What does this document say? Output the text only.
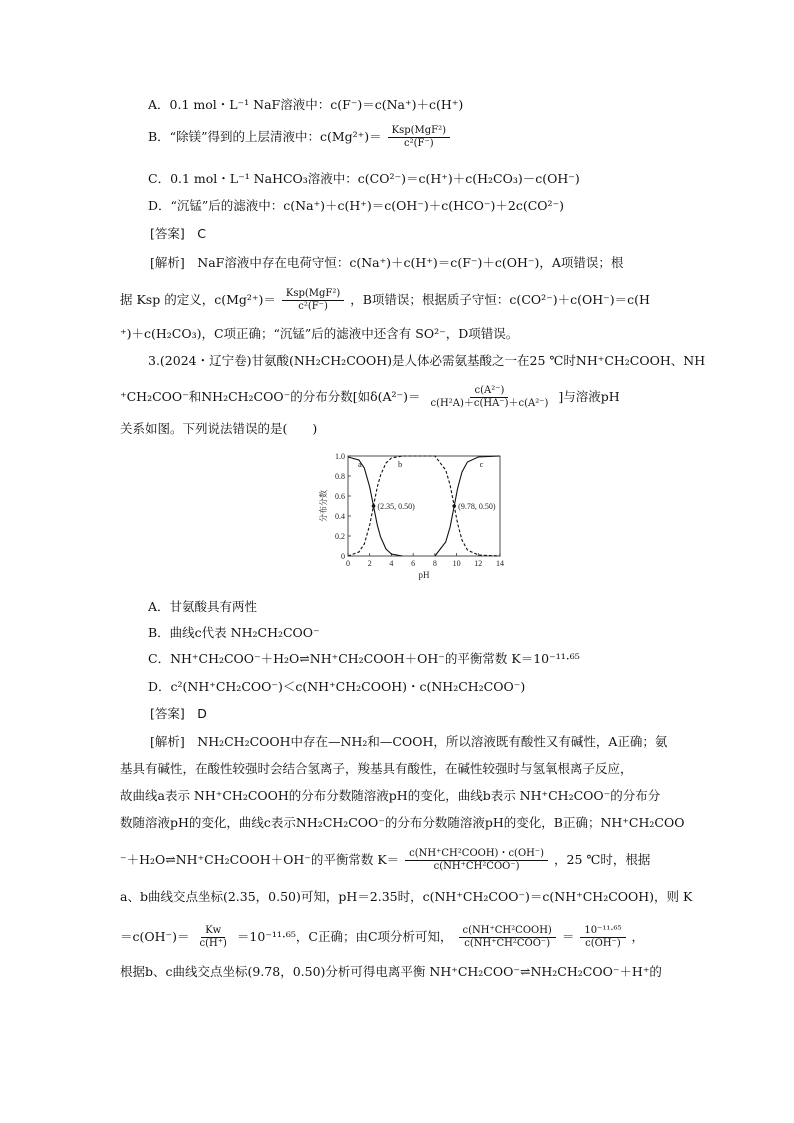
A．0.1 mol・L⁻¹ NaF溶液中：c(F⁻)＝c(Na⁺)＋c(H⁺)
B．“除镁”得到的上层清液中：$c(Mg^{2+})= \frac{\text{Ksp(MgF²)}}{\text{c²(F⁻)}}$
C．0.1 mol・L⁻¹ NaHCO₃溶液中：c(CO²⁻)＝c(H⁺)＋c(H₂CO₃)－c(OH⁻)
D．“沉锰”后的滤液中：c(Na⁺)＋c(H⁺)＝c(OH⁻)＋c(HCO⁻)＋2c(CO²⁻)
[答案]　C
[解析]　NaF溶液中存在电荷守恒：c(Na⁺)＋c(H⁺)＝c(F⁻)＋c(OH⁻)，A项错误；根
据 Ksp 的定义，$c(Mg^{2+})= \frac{\text{Ksp(MgF²)}}{\text{c²(F⁻)}}$ ，B项错误；根据质子守恒：c(CO²⁻)＋c(OH⁻)＝c(H
⁺)＋c(H₂CO₃)，C项正确；“沉锰”后的滤液中还含有 SO²⁻，D项错误。
3.(2024・辽宁卷)甘氨酸(NH₂CH₂COOH)是人体必需氨基酸之一在25 ℃时NH⁺CH₂COOH、NH
⁺CH₂COO⁻和NH₂CH₂COO⁻的分布分数[如$\delta(A^{2-})= \frac{\text{c(A²⁻)}}{\text{c(H²A)＋c(HA⁻)＋c(A²⁻)}}$ ]与溶液pH
关系如图。下列说法错误的是(　　)
0 2 4 6 8 10 12 14
0
0.2
0.4
0.6
0.8
1.0
pH
分布分数
a	b	c
(2.35, 0.50)	(9.78, 0.50)
A．甘氨酸具有两性
B．曲线c代表 NH₂CH₂COO⁻
C．NH⁺CH₂COO⁻＋H₂O⇌NH⁺CH₂COOH＋OH⁻的平衡常数 K＝10⁻¹¹·⁶⁵
D．c²(NH⁺CH₂COO⁻)＜c(NH⁺CH₂COOH)・c(NH₂CH₂COO⁻)
[答案]　D
[解析]　NH₂CH₂COOH中存在—NH₂和—COOH，所以溶液既有酸性又有碱性，A正确；氨
基具有碱性，在酸性较强时会结合氢离子，羧基具有酸性，在碱性较强时与氢氧根离子反应，
故曲线a表示 NH⁺CH₂COOH的分布分数随溶液pH的变化，曲线b表示 NH⁺CH₂COO⁻的分布分
数随溶液pH的变化，曲线c表示NH₂CH₂COO⁻的分布分数随溶液pH的变化，B正确；NH⁺CH₂COO
⁻＋H₂O⇌NH⁺CH₂COOH＋OH⁻的平衡常数 $K= \frac{\text{c(NH⁺CH²COOH)・c(OH⁻)}}{\text{c(NH⁺CH²COO⁻)}}$ ，25 ℃时，根据
a、b曲线交点坐标(2.35，0.50)可知，pH＝2.35时，c(NH⁺CH₂COO⁻)＝c(NH⁺CH₂COOH)，则 K
$=c(OH^-)= \frac{Kw}{c(H^+)} =10^{-11}\cdot^{65}$，C正确；由C项分析可知， $\frac{\text{c(NH⁺CH²COOH)}}{\text{c(NH⁺CH²COO⁻)}} = \frac{\text{10⁻¹¹·⁶⁵}}{c(OH^-)}$ ，
根据b、c曲线交点坐标(9.78，0.50)分析可得电离平衡 NH⁺CH₂COO⁻⇌NH₂CH₂COO⁻＋H⁺的
